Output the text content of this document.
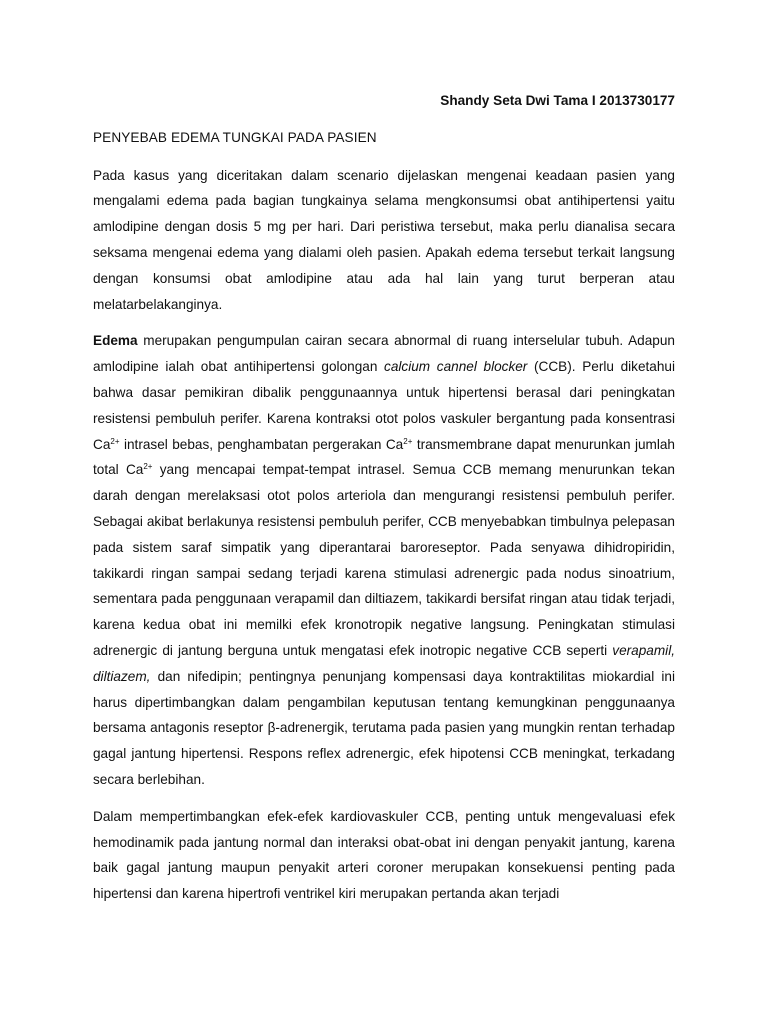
Shandy Seta Dwi Tama I 2013730177

PENYEBAB EDEMA TUNGKAI PADA PASIEN

Pada kasus yang diceritakan dalam scenario dijelaskan mengenai keadaan pasien yang mengalami edema pada bagian tungkainya selama mengkonsumsi obat antihipertensi yaitu amlodipine dengan dosis 5 mg per hari. Dari peristiwa tersebut, maka perlu dianalisa secara seksama mengenai edema yang dialami oleh pasien. Apakah edema tersebut terkait langsung dengan konsumsi obat amlodipine atau ada hal lain yang turut berperan atau melatarbelakanginya.

Edema merupakan pengumpulan cairan secara abnormal di ruang interselular tubuh. Adapun amlodipine ialah obat antihipertensi golongan calcium cannel blocker (CCB). Perlu diketahui bahwa dasar pemikiran dibalik penggunaannya untuk hipertensi berasal dari peningkatan resistensi pembuluh perifer. Karena kontraksi otot polos vaskuler bergantung pada konsentrasi $Ca^{2+}$ intrasel bebas, penghambatan pergerakan $Ca^{2+}$ transmembrane dapat menurunkan jumlah total $Ca^{2+}$ yang mencapai tempat-tempat intrasel. Semua CCB memang menurunkan tekan darah dengan merelaksasi otot polos arteriola dan mengurangi resistensi pembuluh perifer. Sebagai akibat berlakunya resistensi pembuluh perifer, CCB menyebabkan timbulnya pelepasan pada sistem saraf simpatik yang diperantarai baroreseptor. Pada senyawa dihidropiridin, takikardi ringan sampai sedang terjadi karena stimulasi adrenergic pada nodus sinoatrium, sementara pada penggunaan verapamil dan diltiazem, takikardi bersifat ringan atau tidak terjadi, karena kedua obat ini memilki efek kronotropik negative langsung. Peningkatan stimulasi adrenergic di jantung berguna untuk mengatasi efek inotropic negative CCB seperti verapamil, diltiazem, dan nifedipin; pentingnya penunjang kompensasi daya kontraktilitas miokardial ini harus dipertimbangkan dalam pengambilan keputusan tentang kemungkinan penggunaanya bersama antagonis reseptor β-adrenergik, terutama pada pasien yang mungkin rentan terhadap gagal jantung hipertensi. Respons reflex adrenergic, efek hipotensi CCB meningkat, terkadang secara berlebihan.

Dalam mempertimbangkan efek-efek kardiovaskuler CCB, penting untuk mengevaluasi efek hemodinamik pada jantung normal dan interaksi obat-obat ini dengan penyakit jantung, karena baik gagal jantung maupun penyakit arteri coroner merupakan konsekuensi penting pada hipertensi dan karena hipertrofi ventrikel kiri merupakan pertanda akan terjadi
